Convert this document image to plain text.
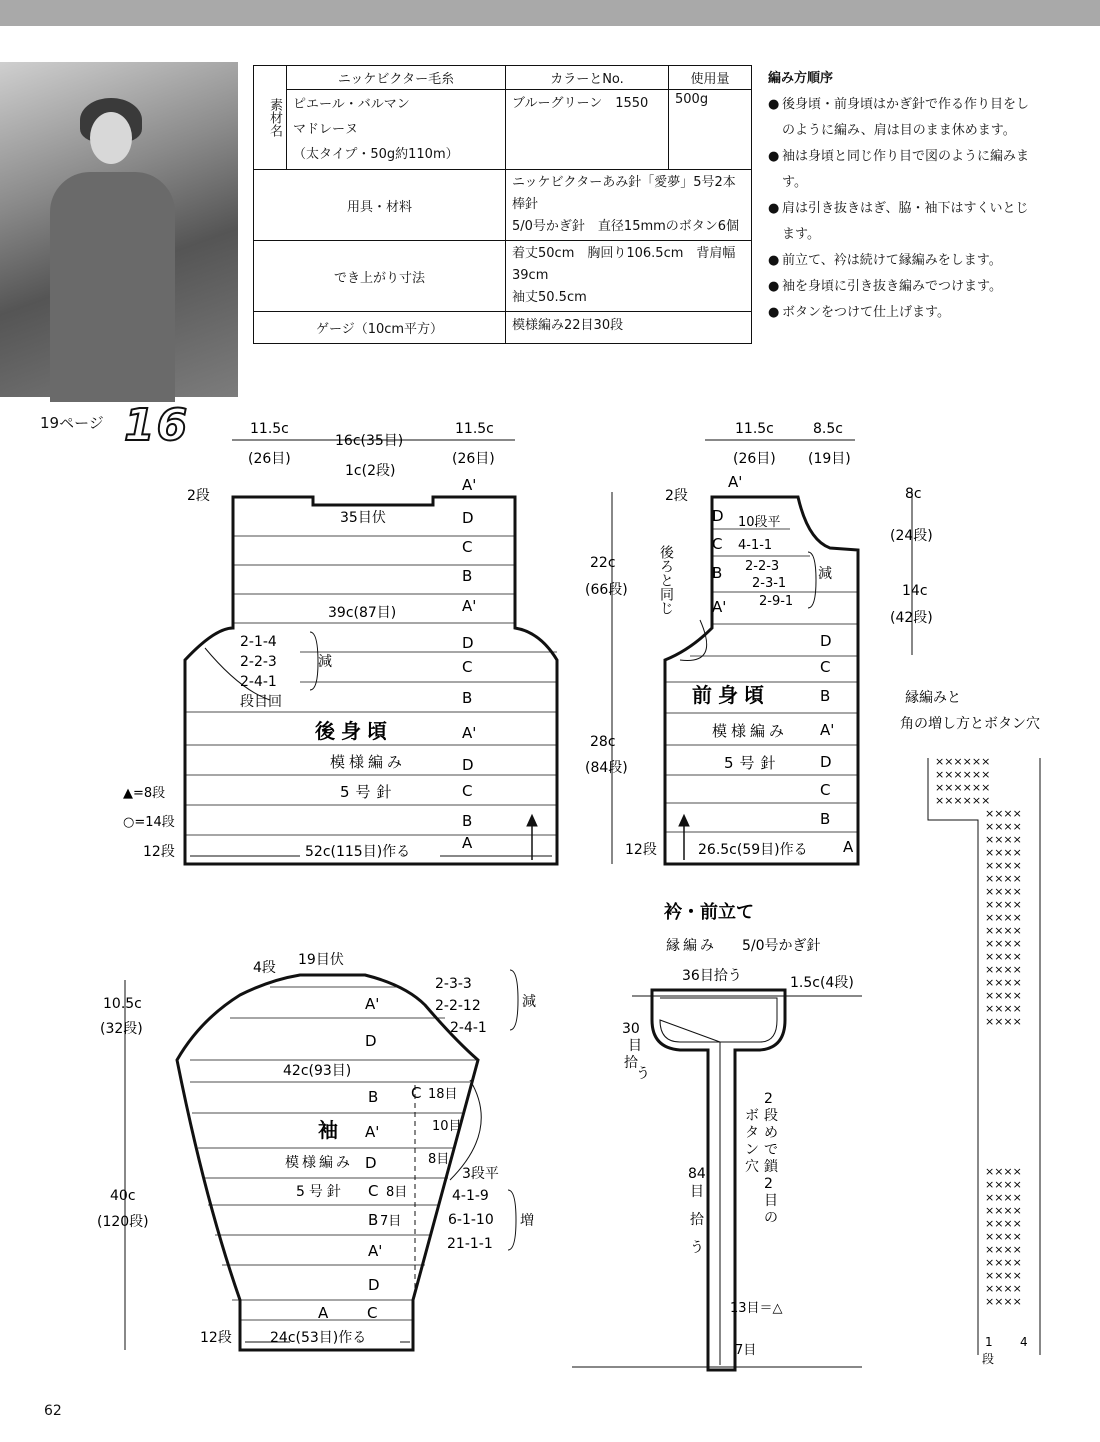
素材名	ニッケビクター毛糸	カラーとNo.	使用量

	ピエール・バルマン
マドレーヌ
（太タイプ・50g約110m）	ブルーグリーン　1550	500g
用具・材料		ニッケビクターあみ針「愛夢」5号2本棒針
5/0号かぎ針　直径15mmのボタン6個	

でき上がり寸法		着丈50cm　胸回り106.5cm　背肩幅39cm
袖丈50.5cm	

ゲージ（10cm平方）		模様編み22目30段	
編み方順序
● 後身頃・前身頃はかぎ針で作る作り目をし
のように編み、肩は目のまま休めます。
● 袖は身頃と同じ作り目で図のように編みま
す。
● 肩は引き抜きはぎ、脇・袖下はすくいとじ
ます。
● 前立て、衿は続けて縁編みをします。
● 袖を身頃に引き抜き編みでつけます。
● ボタンをつけて仕上げます。
19ページ 16
62
11.5c
(26目)
16c(35目)
11.5c
(26目)
1c(2段)
2段
35目伏
39c(87目)
2-1-4
2-2-3
2-4-1
段目回
減
後身頃
模様編み
5号針
▲=8段
○=14段
12段	52c(115目)作る
A'
D
C
B
A'
D
C
B
A'
D
C
B
A
11.5c
(26目)
8.5c
(19目)
2段
10段平
4-1-1
2-2-3
2-3-1
2-9-1
減
後ろと同じ
22c
(66段)
28c
(84段)
8c
(24段)
14c
(42段)
前身頃
模様編み
5号針
12段	26.5c(59目)作る
A'
D
C
B
A'
D
C
B
A'
D
C
B
A
4段 19目伏
2-3-3
2-2-12
2-4-1
減
10.5c
(32段)
42c(93目)
40c
(120段)
袖
模様編み
5号針
3段平
4-1-9
6-1-10
21-1-1
増
18目
10目
8目
8目
7目
12段	24c(53目)作る
C
A'
D
B
A'
D
C
B
A'
D
A	C
衿・前立て
縁編み 5/0号かぎ針
36目拾う	1.5c(4段)
30
目
拾
う
84
目
拾
う
ボ
タ
ン
穴
2
段
め
で
鎖
2
目
の
13目＝△
7目
縁編みと
角の増し方とボタン穴
××××××
××××××
××××××
××××××
××××
××××
××××
××××
××××
××××
××××
××××
××××
××××
××××
××××
××××
××××
××××
××××
××××
××××
××××
××××
××××
××××
××××
××××
××××
××××
××××
××××
1
段
4
